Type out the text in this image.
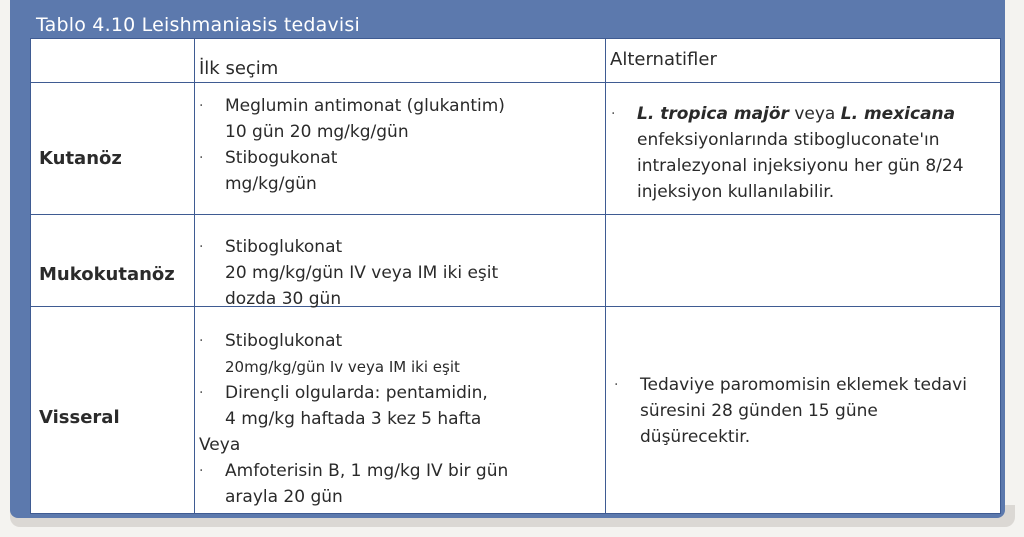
Tablo 4.10 Leishmaniasis tedavisi
İlk seçim	Alternatifler
Kutanöz
· Meglumin antimonat (glukantim)
10 gün 20 mg/kg/gün
· Stibogukonat
mg/kg/gün
· L. tropica majör veya L. mexicana
enfeksiyonlarında stibogluconate'ın
intralezyonal injeksiyonu her gün 8/24
injeksiyon kullanılabilir.
Mukokutanöz
· Stiboglukonat
20 mg/kg/gün IV veya IM iki eşit
dozda 30 gün
Visseral
· Stiboglukonat
20mg/kg/gün Iv veya IM iki eşit
· Dirençli olgularda: pentamidin,
4 mg/kg haftada 3 kez 5 hafta
Veya
· Amfoterisin B, 1 mg/kg IV bir gün
arayla 20 gün
· Tedaviye paromomisin eklemek tedavi
süresini 28 günden 15 güne
düşürecektir.
